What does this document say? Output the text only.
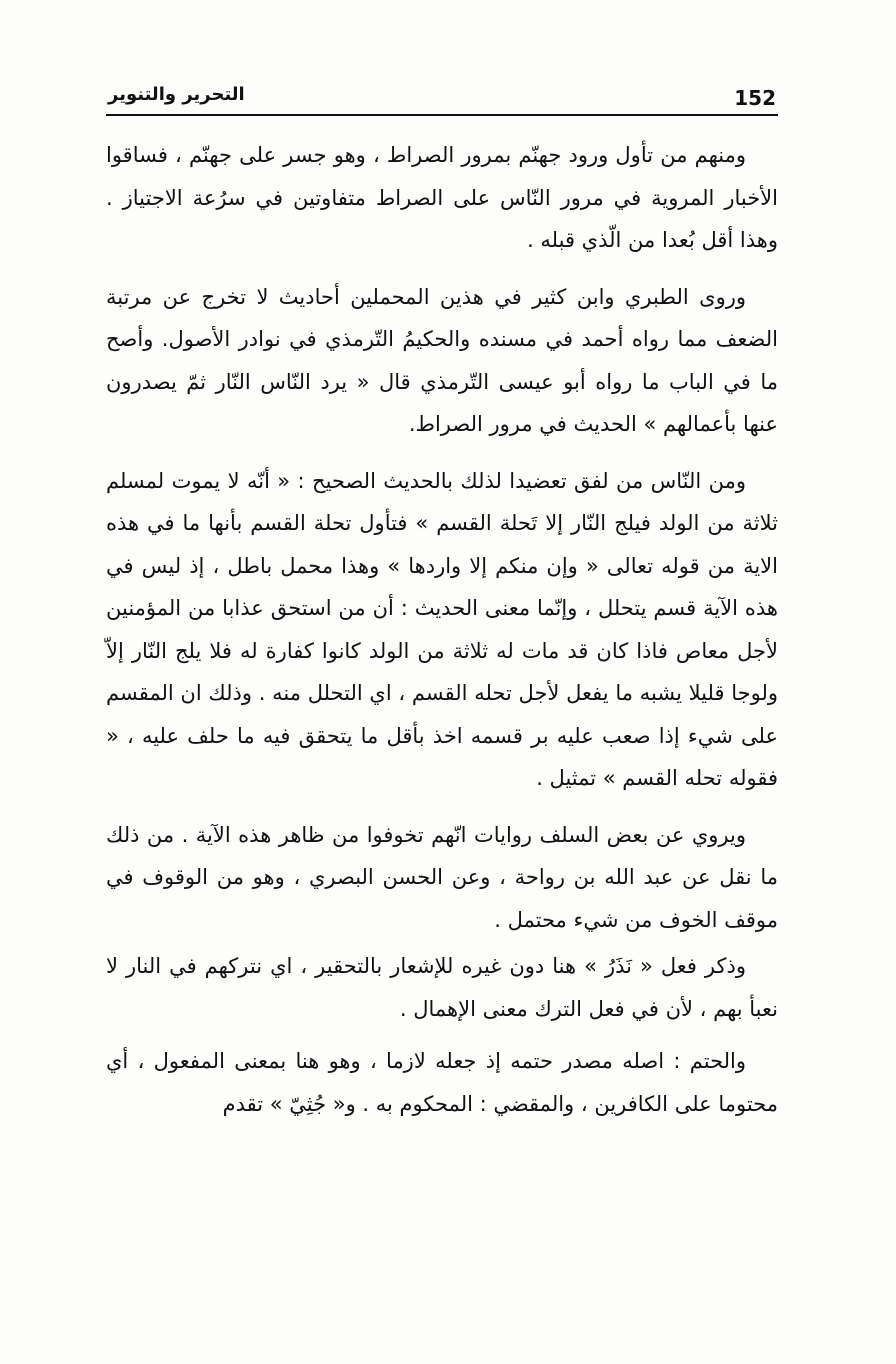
152
التحرير والتنوير

ومنهم من تأول ورود جهنّم بمرور الصراط ، وهو جسر على جهنّم ، فساقوا الأخبار المروية في مرور النّاس على الصراط متفاوتين في سرُعة الاجتياز . وهذا أقل بُعدا من الّذي قبله .

وروى الطبري وابن كثير في هذين المحملين أحاديث لا تخرج عن مرتبة الضعف مما رواه أحمد في مسنده والحكيمُ التّرمذي في نوادر الأصول. وأصح ما في الباب ما رواه أبو عيسى التّرمذي قال « يرد النّاس النّار ثمّ يصدرون عنها بأعمالهم » الحديث في مرور الصراط.

ومن النّاس من لفق تعضيدا لذلك بالحديث الصحيح : « أنّه لا يموت لمسلم ثلاثة من الولد فيلج النّار إلا تَحلة القسم » فتأول تحلة القسم بأنها ما في هذه الاية من قوله تعالى « وإن منكم إلا واردها » وهذا محمل باطل ، إذ ليس في هذه الآية قسم يتحلل ، وإنّما معنى الحديث : أن من استحق عذابا من المؤمنين لأجل معاص فاذا كان قد مات له ثلاثة من الولد كانوا كفارة له فلا يلج النّار إلاّ ولوجا قليلا يشبه ما يفعل لأجل تحله القسم ، اي التحلل منه . وذلك ان المقسم على شيء إذا صعب عليه بر قسمه اخذ بأقل ما يتحقق فيه ما حلف عليه ، « فقوله تحله القسم » تمثيل .

ويروي عن بعض السلف روايات انّهم تخوفوا من ظاهر هذه الآية . من ذلك ما نقل عن عبد الله بن رواحة ، وعن الحسن البصري ، وهو من الوقوف في موقف الخوف من شيء محتمل .

وذكر فعل « نَذَرُ » هنا دون غيره للإشعار بالتحقير ، اي نتركهم في النار لا نعبأ بهم ، لأن في فعل الترك معنى الإهمال .

والحتم : اصله مصدر حتمه إذ جعله لازما ، وهو هنا بمعنى المفعول ، أي محتوما على الكافرين ، والمقضي : المحكوم به . و« جُثِيّ » تقدم
